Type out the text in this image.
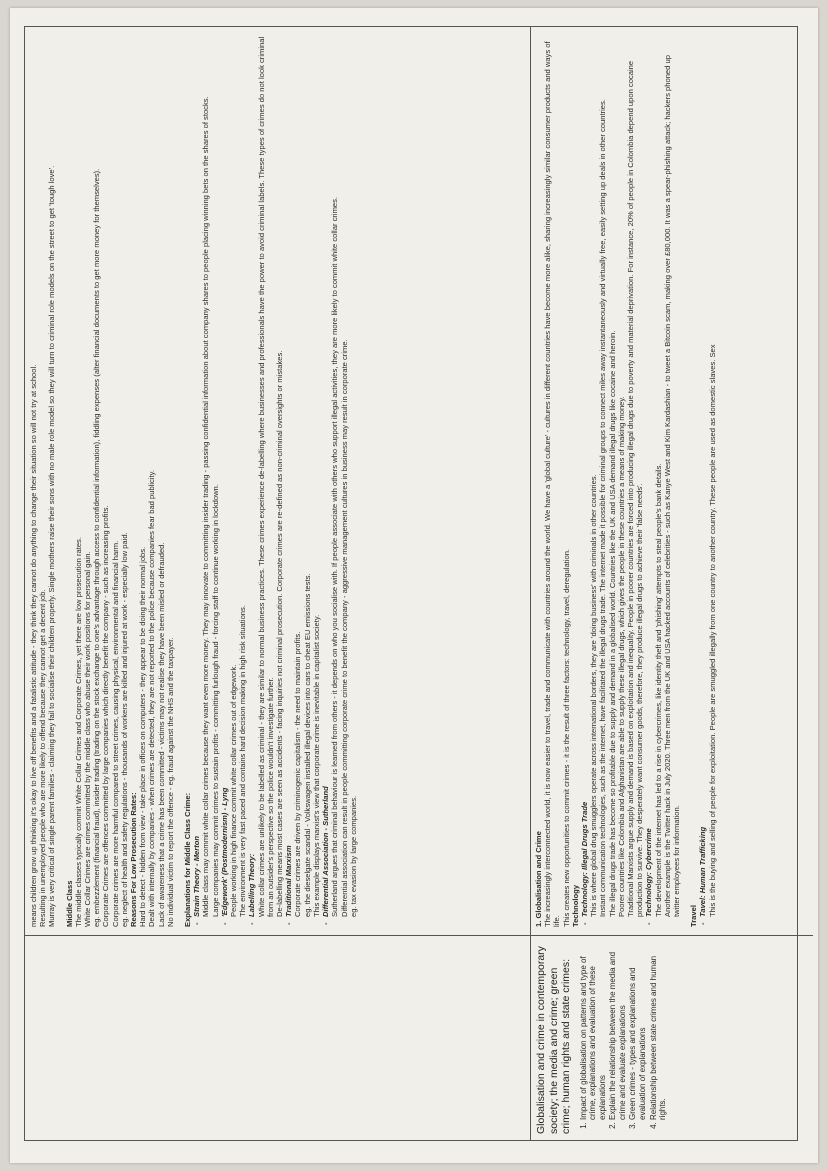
means children grow up thinking it's okay to live off benefits and a fatalistic attitude - they think they cannot do anything to change their situation so will not try at school. Resulting in unemployed people who are more likely to offend because they cannot get a decent job. Murray is very critical of single parent families - claiming they fail to socialise their children properly. Single mothers raise their sons with no male role model so they will turn to criminal role models on the street to get 'tough love'. Middle Class The middle classes typically commit White Collar Crimes and Corporate Crimes, yet there are low prosecution rates. White Collar Crimes are crimes committed by the middle class who abuse their work positions for personal gain. eg. embezzlement (financial fraud), insider trading (trading on the stock exchange to one's advantage through access to confidential information), fiddling expenses (alter financial documents to get more money for themselves). Corporate Crimes are offences committed by large companies which directly benefit the company - such as increasing profits. Corporate crimes are more harmful compared to street crimes, causing physical, environmental and financial harm. eg. neglect of health and safety regulations - thousands of workers are killed and injured at work - especially low paid. Reasons For Low Prosecution Rates: Hard to detect - hidden from view - take place in offices on computers - they appear to be doing their normal jobs. Dealt with internally by companies - when crimes are detected, they are not reported to the police because companies fear bad publicity. Lack of awareness that a crime has been committed - victims may not realise they have been misled or defrauded. No individual victim to report the offence - eg. fraud against the NHS and the taxpayer. Explanations for Middle Class Crime: - Strain Theory - Merton Middle class may commit white collar crimes because they want even more money. They may innovate to committing insider trading - passing confidential information about company shares to people placing winning bets on the shares of stocks. Large companies may commit crimes to sustain profits - committing furlough fraud - forcing staff to continue working in lockdown. - 'Edgework' (Postmodernism) - Lyng People working in high finance commit white collar crimes out of edgework. The environment is very fast paced and contains hard decision making in high risk situations. - Labelling Theory: White collar crimes are unlikely to be labelled as criminal - they are similar to normal business practices. These crimes experience de-labelling where businesses and professionals have the power to avoid criminal labels. These types of crimes do not look criminal from an outsider's perspective so the police wouldn't investigate further. De-labelling means most cases are seen as accidents - facing inquiries not criminal prosecution. Corporate crimes are re-defined as non-criminal oversights or mistakes. - Traditional Marxism Corporate crimes are driven by criminogenic capitalism - the need to maintain profits. eg. the dieselgate scandal - Volkswagen installed illegal devices into cars to cheat EU emissions tests. This example displays marxist's view that corporate crime is inevitable in capitalist society. - Differential Association - Sutherland Sutherland argues that criminal behaviour is learned from others - it depends on who you socialise with. If people associate with others who support illegal activities, they are more likely to commit white collar crimes. Differential association can result in people committing corporate crime to benefit the company - aggressive management cultures in business may result in corporate crime. eg. tax evasion by large companies.

Globalisation and crime in contemporary society; the media and crime; green crime; human rights and state crimes: 1. Impact of globalisation on patterns and type of crime, explanations and evaluation of these explanations 2. Explain the relationship between the media and crime and evaluate explanations 3. Green crimes - types and explanations and evaluation of explanations 4. Relationship between state crimes and human rights.

1. Globalisation and Crime The increasingly interconnected world, it is now easier to travel, trade and communicate with countries around the world. We have a 'global culture' - cultures in different countries have become more alike, sharing increasingly similar consumer products and ways of life. This creates new opportunities to commit crimes - it is the result of three factors: technology, travel, deregulation. Technology - Technology: Illegal Drugs Trade This is where global drug smugglers operate across international borders, they are 'doing business' with criminals in other countries. Instant communication technologies, such as the internet, have facilitated the illegal drugs trade. The internet made it possible for criminal groups to connect miles away instantaneously and virtually free, easily setting up deals in other countries. The illegal drugs trade has become so profitable due to supply and demand in a globalised world. Countries like the UK and USA demand illegal drugs like cocaine and heroin. Poorer countries like Colombia and Afghanistan are able to supply these illegal drugs, which gives the people in these countries a means of making money. Traditional Marxists argue supply and demand is based on exploitation and inequality. People in poorer countries are forced into producing illegal drugs due to poverty and material deprivation. For instance, 20% of people in Colombia depend upon cocaine production to survive. They desperately want consumer goods, therefore, they produce illegal drugs to achieve their 'false needs'. - Technology: Cybercrime The development of the internet has led to a rise in cybercrimes, like identity theft and 'phishing' attempts to steal people's bank details. Another example is the Twitter hack in July 2020. Three men from the UK and USA hacked accounts of celebrities - such as Kanye West and Kim Kardashian - to tweet a Bitcoin scam, making over £80,000. It was a spear-phishing attack; hackers phoned up twitter employees for information. Travel - Tavel: Human Trafficking This is the buying and selling of people for exploitation. People are smuggled illegally from one country to another country. These people are used as domestic slaves. Sex
